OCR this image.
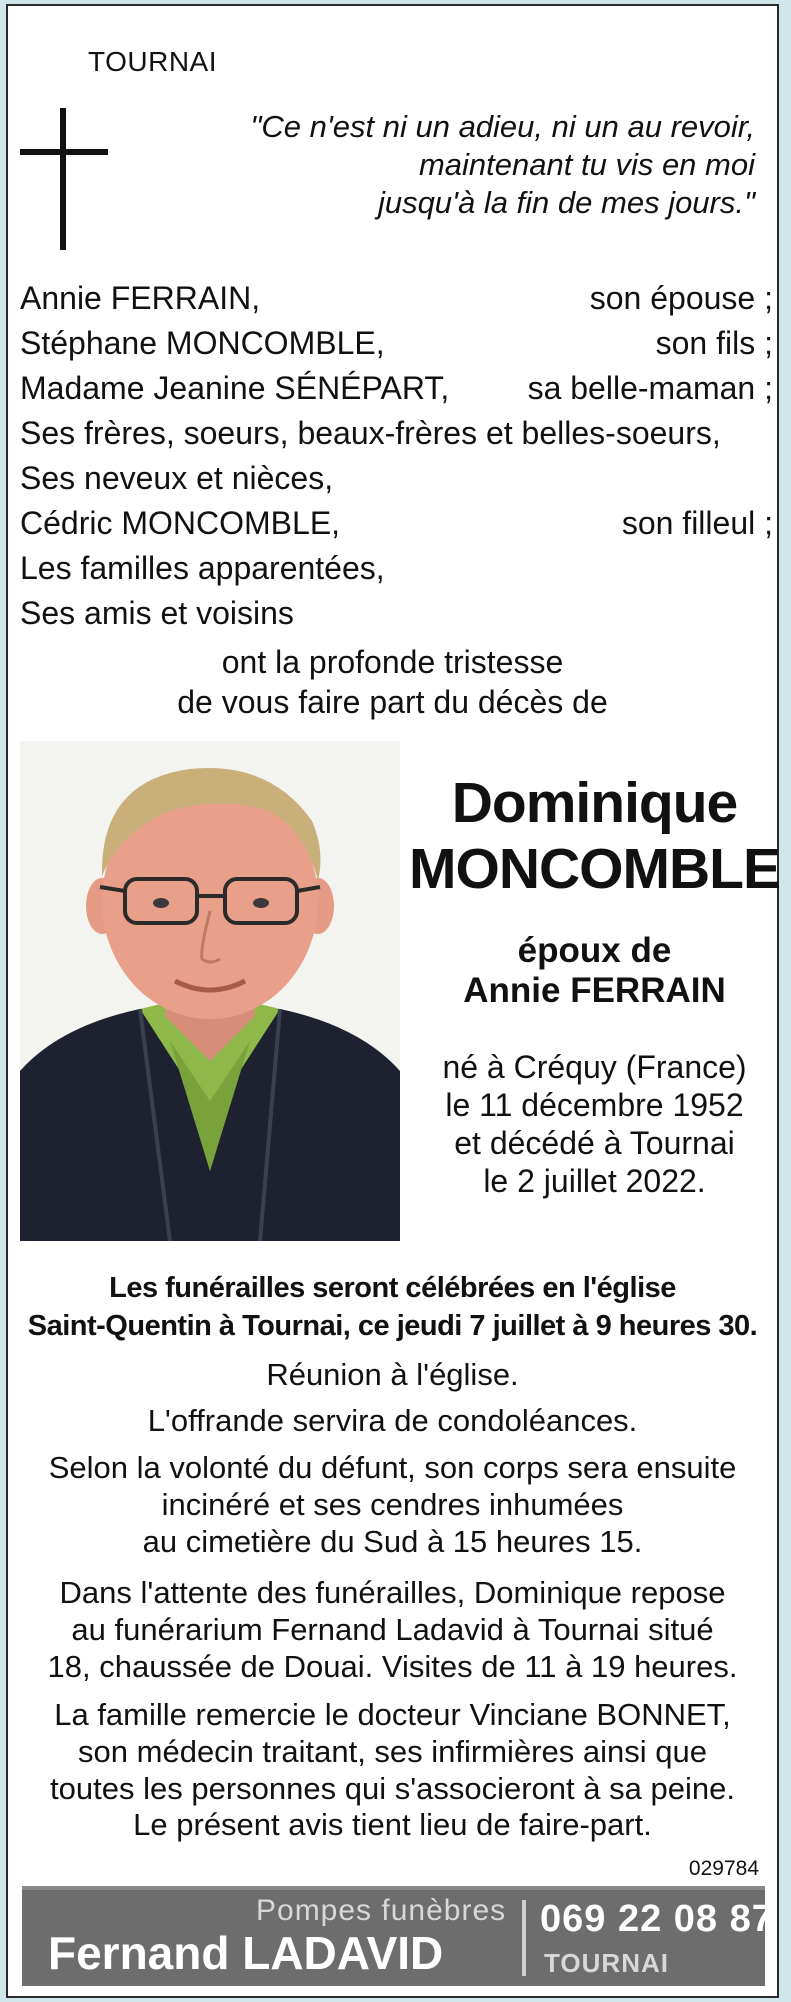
TOURNAI
"Ce n'est ni un adieu, ni un au revoir,
maintenant tu vis en moi
jusqu'à la fin de mes jours."
Annie FERRAIN,	son épouse ;
Stéphane MONCOMBLE,	son fils ;
Madame Jeanine SÉNÉPART, sa belle-maman ;
Ses frères, soeurs, beaux-frères et belles-soeurs,
Ses neveux et nièces,
Cédric MONCOMBLE,	son filleul ;
Les familles apparentées,
Ses amis et voisins
ont la profonde tristesse
de vous faire part du décès de
Dominique
MONCOMBLE
époux de
Annie FERRAIN
né à Créquy (France)
le 11 décembre 1952
et décédé à Tournai
le 2 juillet 2022.
Les funérailles seront célébrées en l'église
Saint-Quentin à Tournai, ce jeudi 7 juillet à 9 heures 30.
Réunion à l'église.
L'offrande servira de condoléances.
Selon la volonté du défunt, son corps sera ensuite
incinéré et ses cendres inhumées
au cimetière du Sud à 15 heures 15.
Dans l'attente des funérailles, Dominique repose
au funérarium Fernand Ladavid à Tournai situé
18, chaussée de Douai. Visites de 11 à 19 heures.
La famille remercie le docteur Vinciane BONNET,
son médecin traitant, ses infirmières ainsi que
toutes les personnes qui s'associeront à sa peine.
Le présent avis tient lieu de faire-part.
029784
Pompes funèbres
Fernand LADAVID
069 22 08 87
TOURNAI
